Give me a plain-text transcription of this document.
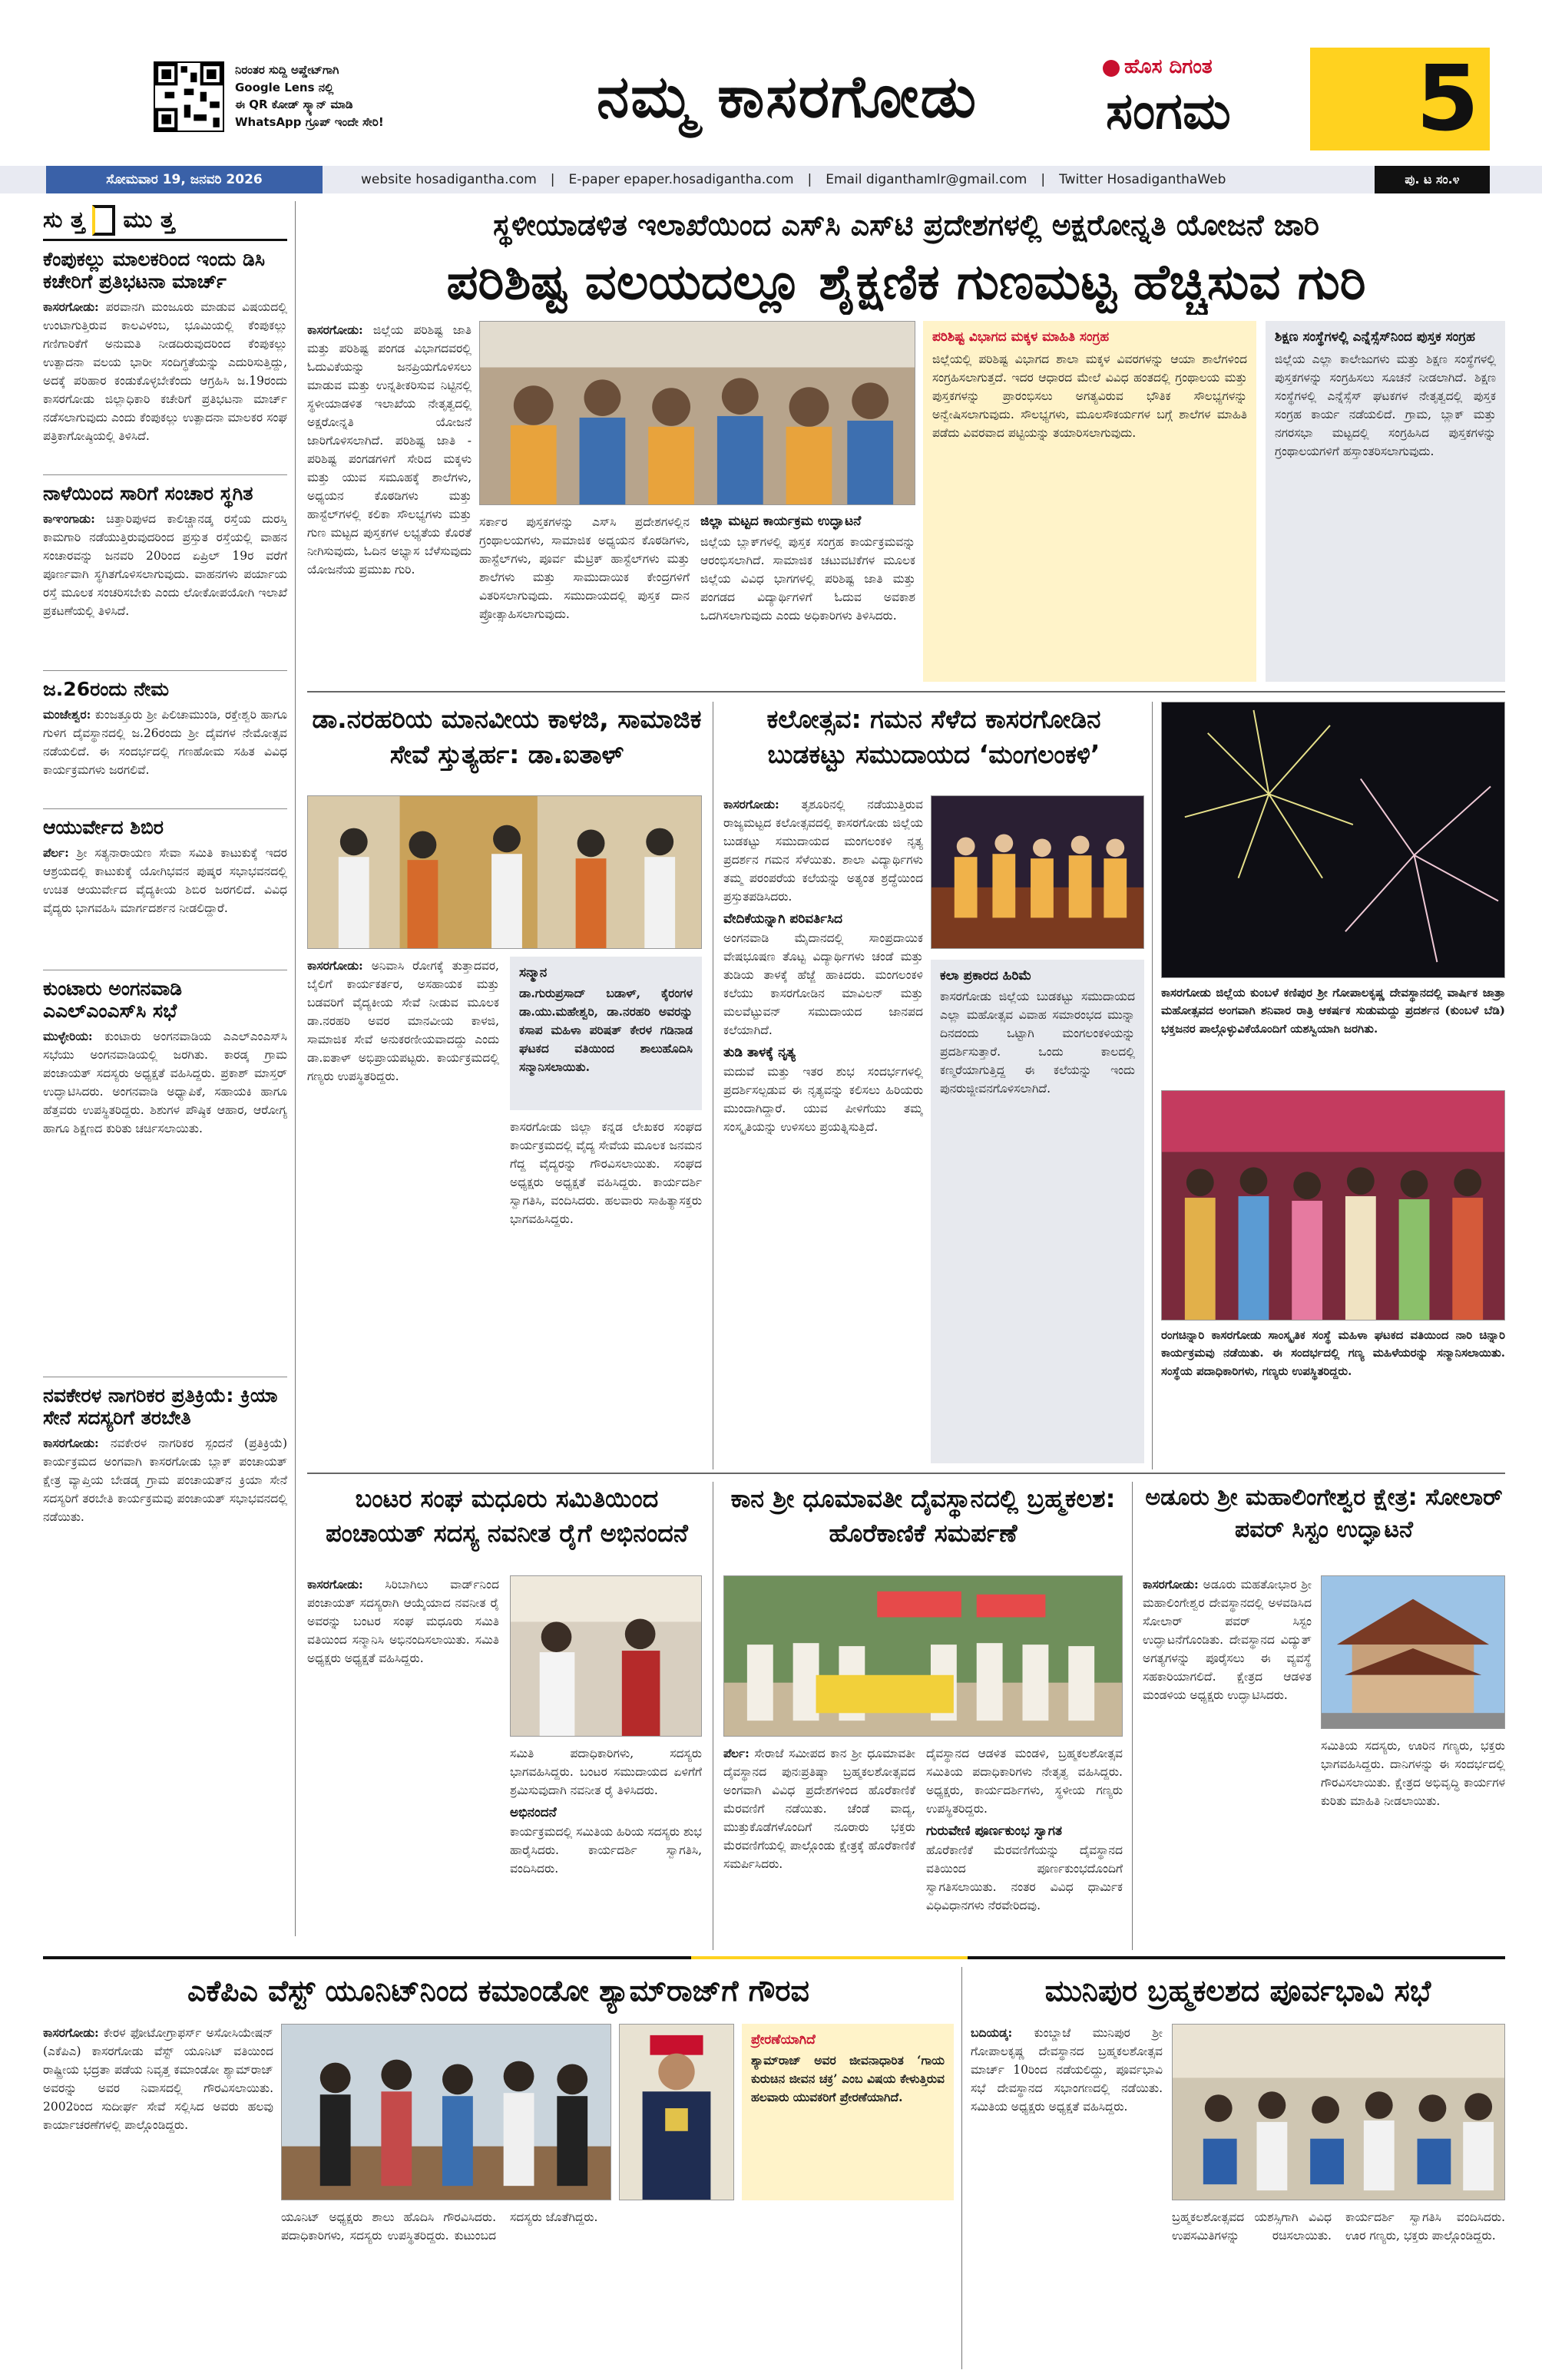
ನಿರಂತರ ಸುದ್ದಿ ಅಪ್ಡೇಟ್‌ಗಾಗಿ
Google Lens ನಲ್ಲಿ
ಈ QR ಕೋಡ್ ಸ್ಕ್ಯಾನ್ ಮಾಡಿ
WhatsApp ಗ್ರೂಪ್ ಇಂದೇ ಸೇರಿ!	ನಮ್ಮ ಕಾಸರಗೋಡು	ಹೊಸ ದಿಗಂತ
ಸಂಗಮ 5
ಸೋಮವಾರ 19, ಜನವರಿ 2026	website hosadigantha.com | E-paper epaper.hosadigantha.com | Email diganthamlr@gmail.com | Twitter HosadiganthaWeb	ಪು. ಟ ಸಂ.೪
ಸು ತ್ತ ಮು ತ್ತ
ಕೆಂಪುಕಲ್ಲು ಮಾಲಕರಿಂದ ಇಂದು ಡಿಸಿ ಕಚೇರಿಗೆ ಪ್ರತಿಭಟನಾ ಮಾರ್ಚ್
ಕಾಸರಗೋಡು: ಪರವಾನಗಿ ಮಂಜೂರು ಮಾಡುವ ವಿಷಯದಲ್ಲಿ ಉಂಟಾಗುತ್ತಿರುವ ಕಾಲವಿಳಂಬ, ಭೂಮಿಯಲ್ಲಿ ಕೆಂಪುಕಲ್ಲು ಗಣಿಗಾರಿಕೆಗೆ ಅನುಮತಿ ನೀಡದಿರುವುದರಿಂದ ಕೆಂಪುಕಲ್ಲು ಉತ್ಪಾದನಾ ವಲಯ ಭಾರೀ ಸಂದಿಗ್ಧತೆಯನ್ನು ಎದುರಿಸುತ್ತಿದ್ದು, ಅದಕ್ಕೆ ಪರಿಹಾರ ಕಂಡುಕೊಳ್ಳಬೇಕೆಂದು ಆಗ್ರಹಿಸಿ ಜ.19ರಂದು ಕಾಸರಗೋಡು ಜಿಲ್ಲಾಧಿಕಾರಿ ಕಚೇರಿಗೆ ಪ್ರತಿಭಟನಾ ಮಾರ್ಚ್ ನಡೆಸಲಾಗುವುದು ಎಂದು ಕೆಂಪುಕಲ್ಲು ಉತ್ಪಾದನಾ ಮಾಲಕರ ಸಂಘ ಪತ್ರಿಕಾಗೋಷ್ಠಿಯಲ್ಲಿ ತಿಳಿಸಿದೆ.
ನಾಳೆಯಿಂದ ಸಾರಿಗೆ ಸಂಚಾರ ಸ್ಥಗಿತ
ಕಾಞಂಗಾಡು: ಚಿತ್ತಾರಿಪುಳದ ಕಾಲಿಚ್ಚಾನಡ್ಕ ರಸ್ತೆಯ ದುರಸ್ತಿ ಕಾಮಗಾರಿ ನಡೆಯುತ್ತಿರುವುದರಿಂದ ಪ್ರಸ್ತುತ ರಸ್ತೆಯಲ್ಲಿ ವಾಹನ ಸಂಚಾರವನ್ನು ಜನವರಿ 20ರಿಂದ ಏಪ್ರಿಲ್ 19ರ ವರೆಗೆ ಪೂರ್ಣವಾಗಿ ಸ್ಥಗಿತಗೊಳಿಸಲಾಗುವುದು. ವಾಹನಗಳು ಪರ್ಯಾಯ ರಸ್ತೆ ಮೂಲಕ ಸಂಚರಿಸಬೇಕು ಎಂದು ಲೋಕೋಪಯೋಗಿ ಇಲಾಖೆ ಪ್ರಕಟಣೆಯಲ್ಲಿ ತಿಳಿಸಿದೆ.
ಜ.26ರಂದು ನೇಮ
ಮಂಜೇಶ್ವರ: ಕುಂಜತ್ತೂರು ಶ್ರೀ ಪಿಲಿಚಾಮುಂಡಿ, ರಕ್ತೇಶ್ವರಿ ಹಾಗೂ ಗುಳಿಗ ದೈವಸ್ಥಾನದಲ್ಲಿ ಜ.26ರಂದು ಶ್ರೀ ದೈವಗಳ ನೇಮೋತ್ಸವ ನಡೆಯಲಿದೆ. ಈ ಸಂದರ್ಭದಲ್ಲಿ ಗಣಹೋಮ ಸಹಿತ ವಿವಿಧ ಕಾರ್ಯಕ್ರಮಗಳು ಜರಗಲಿವೆ.
ಆಯುರ್ವೇದ ಶಿಬಿರ
ಪೆರ್ಲ: ಶ್ರೀ ಸತ್ಯನಾರಾಯಣ ಸೇವಾ ಸಮಿತಿ ಕಾಟುಕುಕ್ಕೆ ಇದರ ಆಶ್ರಯದಲ್ಲಿ ಕಾಟುಕುಕ್ಕೆ ಯೋಗಿಭವನ ಪುಷ್ಕರ ಸಭಾಭವನದಲ್ಲಿ ಉಚಿತ ಆಯುರ್ವೇದ ವೈದ್ಯಕೀಯ ಶಿಬಿರ ಜರಗಲಿದೆ. ವಿವಿಧ ವೈದ್ಯರು ಭಾಗವಹಿಸಿ ಮಾರ್ಗದರ್ಶನ ನೀಡಲಿದ್ದಾರೆ.
ಕುಂಟಾರು ಅಂಗನವಾಡಿ ಎಎಲ್‌ಎಂಎಸ್‌ಸಿ ಸಭೆ
ಮುಳ್ಳೇರಿಯ: ಕುಂಟಾರು ಅಂಗನವಾಡಿಯ ಎಎಲ್‌ಎಂಎಸ್‌ಸಿ ಸಭೆಯು ಅಂಗನವಾಡಿಯಲ್ಲಿ ಜರಗಿತು. ಕಾರಡ್ಕ ಗ್ರಾಮ ಪಂಚಾಯತ್ ಸದಸ್ಯರು ಅಧ್ಯಕ್ಷತೆ ವಹಿಸಿದ್ದರು. ಪ್ರಕಾಶ್ ಮಾಸ್ತರ್ ಉದ್ಘಾಟಿಸಿದರು. ಅಂಗನವಾಡಿ ಅಧ್ಯಾಪಿಕೆ, ಸಹಾಯಕಿ ಹಾಗೂ ಹೆತ್ತವರು ಉಪಸ್ಥಿತರಿದ್ದರು. ಶಿಶುಗಳ ಪೌಷ್ಠಿಕ ಆಹಾರ, ಆರೋಗ್ಯ ಹಾಗೂ ಶಿಕ್ಷಣದ ಕುರಿತು ಚರ್ಚಿಸಲಾಯಿತು.
ನವಕೇರಳ ನಾಗರಿಕರ ಪ್ರತಿಕ್ರಿಯೆ: ಕ್ರಿಯಾ ಸೇನೆ ಸದಸ್ಯರಿಗೆ ತರಬೇತಿ
ಕಾಸರಗೋಡು: ನವಕೇರಳ ನಾಗರಿಕರ ಸ್ಪಂದನೆ (ಪ್ರತಿಕ್ರಿಯೆ) ಕಾರ್ಯಕ್ರಮದ ಅಂಗವಾಗಿ ಕಾಸರಗೋಡು ಬ್ಲಾಕ್ ಪಂಚಾಯತ್ ಕ್ಷೇತ್ರ ವ್ಯಾಪ್ತಿಯ ಬೇಡಡ್ಕ ಗ್ರಾಮ ಪಂಚಾಯತ್‌ನ ಕ್ರಿಯಾ ಸೇನೆ ಸದಸ್ಯರಿಗೆ ತರಬೇತಿ ಕಾರ್ಯಕ್ರಮವು ಪಂಚಾಯತ್ ಸಭಾಭವನದಲ್ಲಿ ನಡೆಯಿತು.
ಸ್ಥಳೀಯಾಡಳಿತ ಇಲಾಖೆಯಿಂದ ಎಸ್‌ಸಿ ಎಸ್‌ಟಿ ಪ್ರದೇಶಗಳಲ್ಲಿ ಅಕ್ಷರೋನ್ನತಿ ಯೋಜನೆ ಜಾರಿ
ಪರಿಶಿಷ್ಟ ವಲಯದಲ್ಲೂ ಶೈಕ್ಷಣಿಕ ಗುಣಮಟ್ಟ ಹೆಚ್ಚಿಸುವ ಗುರಿ
ಕಾಸರಗೋಡು: ಜಿಲ್ಲೆಯ ಪರಿಶಿಷ್ಟ ಜಾತಿ ಮತ್ತು ಪರಿಶಿಷ್ಟ ಪಂಗಡ ವಿಭಾಗದವರಲ್ಲಿ ಓದುವಿಕೆಯನ್ನು ಜನಪ್ರಿಯಗೊಳಿಸಲು ಮಾಡುವ ಮತ್ತು ಉನ್ನತೀಕರಿಸುವ ನಿಟ್ಟಿನಲ್ಲಿ ಸ್ಥಳೀಯಾಡಳಿತ ಇಲಾಖೆಯ ನೇತೃತ್ವದಲ್ಲಿ ಅಕ್ಷರೋನ್ನತಿ ಯೋಜನೆ ಜಾರಿಗೊಳಿಸಲಾಗಿದೆ. ಪರಿಶಿಷ್ಟ ಜಾತಿ - ಪರಿಶಿಷ್ಟ ಪಂಗಡಗಳಿಗೆ ಸೇರಿದ ಮಕ್ಕಳು ಮತ್ತು ಯುವ ಸಮೂಹಕ್ಕೆ ಶಾಲೆಗಳು, ಅಧ್ಯಯನ ಕೊಠಡಿಗಳು ಮತ್ತು ಹಾಸ್ಟೆಲ್‌ಗಳಲ್ಲಿ ಕಲಿಕಾ ಸೌಲಭ್ಯಗಳು ಮತ್ತು ಗುಣ ಮಟ್ಟದ ಪುಸ್ತಕಗಳ ಲಭ್ಯತೆಯ ಕೊರತೆ ನೀಗಿಸುವುದು, ಓದಿನ ಅಭ್ಯಾಸ ಬೆಳೆಸುವುದು ಯೋಜನೆಯ ಪ್ರಮುಖ ಗುರಿ.
ಸರ್ಕಾರ ಪುಸ್ತಕಗಳನ್ನು ಎಸ್‌ಸಿ ಪ್ರದೇಶಗಳಲ್ಲಿನ ಗ್ರಂಥಾಲಯಗಳು, ಸಾಮಾಜಿಕ ಅಧ್ಯಯನ ಕೊಠಡಿಗಳು, ಹಾಸ್ಟೆಲ್‌ಗಳು, ಪೂರ್ವ ಮೆಟ್ರಿಕ್ ಹಾಸ್ಟೆಲ್‌ಗಳು ಮತ್ತು ಶಾಲೆಗಳು ಮತ್ತು ಸಾಮುದಾಯಿಕ ಕೇಂದ್ರಗಳಿಗೆ ವಿತರಿಸಲಾಗುವುದು. ಸಮುದಾಯದಲ್ಲಿ ಪುಸ್ತಕ ದಾನ ಪ್ರೋತ್ಸಾಹಿಸಲಾಗುವುದು.
ಜಿಲ್ಲಾ ಮಟ್ಟದ ಕಾರ್ಯಕ್ರಮ ಉದ್ಘಾಟನೆ
ಜಿಲ್ಲೆಯ ಬ್ಲಾಕ್‌ಗಳಲ್ಲಿ ಪುಸ್ತಕ ಸಂಗ್ರಹ ಕಾರ್ಯಕ್ರಮವನ್ನು ಆರಂಭಿಸಲಾಗಿದೆ. ಸಾಮಾಜಿಕ ಚಟುವಟಿಕೆಗಳ ಮೂಲಕ ಜಿಲ್ಲೆಯ ವಿವಿಧ ಭಾಗಗಳಲ್ಲಿ ಪರಿಶಿಷ್ಟ ಜಾತಿ ಮತ್ತು ಪಂಗಡದ ವಿದ್ಯಾರ್ಥಿಗಳಿಗೆ ಓದುವ ಅವಕಾಶ ಒದಗಿಸಲಾಗುವುದು ಎಂದು ಅಧಿಕಾರಿಗಳು ತಿಳಿಸಿದರು.
ಪರಿಶಿಷ್ಟ ವಿಭಾಗದ ಮಕ್ಕಳ ಮಾಹಿತಿ ಸಂಗ್ರಹ
ಜಿಲ್ಲೆಯಲ್ಲಿ ಪರಿಶಿಷ್ಟ ವಿಭಾಗದ ಶಾಲಾ ಮಕ್ಕಳ ವಿವರಗಳನ್ನು ಆಯಾ ಶಾಲೆಗಳಿಂದ ಸಂಗ್ರಹಿಸಲಾಗುತ್ತದೆ. ಇದರ ಆಧಾರದ ಮೇಲೆ ವಿವಿಧ ಹಂತದಲ್ಲಿ ಗ್ರಂಥಾಲಯ ಮತ್ತು ಪುಸ್ತಕಗಳನ್ನು ಪ್ರಾರಂಭಿಸಲು ಅಗತ್ಯವಿರುವ ಭೌತಿಕ ಸೌಲಭ್ಯಗಳನ್ನು ಅನ್ವೇಷಿಸಲಾಗುವುದು. ಸೌಲಭ್ಯಗಳು, ಮೂಲಸೌಕರ್ಯಗಳ ಬಗ್ಗೆ ಶಾಲೆಗಳ ಮಾಹಿತಿ ಪಡೆದು ವಿವರವಾದ ಪಟ್ಟಿಯನ್ನು ತಯಾರಿಸಲಾಗುವುದು.
ಶಿಕ್ಷಣ ಸಂಸ್ಥೆಗಳಲ್ಲಿ ಎನ್ನೆಸ್ಸೆಸ್‌ನಿಂದ ಪುಸ್ತಕ ಸಂಗ್ರಹ
ಜಿಲ್ಲೆಯ ಎಲ್ಲಾ ಕಾಲೇಜುಗಳು ಮತ್ತು ಶಿಕ್ಷಣ ಸಂಸ್ಥೆಗಳಲ್ಲಿ ಪುಸ್ತಕಗಳನ್ನು ಸಂಗ್ರಹಿಸಲು ಸೂಚನೆ ನೀಡಲಾಗಿದೆ. ಶಿಕ್ಷಣ ಸಂಸ್ಥೆಗಳಲ್ಲಿ ಎನ್ನೆಸ್ಸೆಸ್ ಘಟಕಗಳ ನೇತೃತ್ವದಲ್ಲಿ ಪುಸ್ತಕ ಸಂಗ್ರಹ ಕಾರ್ಯ ನಡೆಯಲಿದೆ. ಗ್ರಾಮ, ಬ್ಲಾಕ್ ಮತ್ತು ನಗರಸಭಾ ಮಟ್ಟದಲ್ಲಿ ಸಂಗ್ರಹಿಸಿದ ಪುಸ್ತಕಗಳನ್ನು ಗ್ರಂಥಾಲಯಗಳಿಗೆ ಹಸ್ತಾಂತರಿಸಲಾಗುವುದು.
ಡಾ.ನರಹರಿಯ ಮಾನವೀಯ ಕಾಳಜಿ, ಸಾಮಾಜಿಕ ಸೇವೆ ಸ್ತುತ್ಯರ್ಹ: ಡಾ.ಐತಾಳ್
ಕಾಸರಗೋಡು: ಅನಿವಾಸಿ ರೋಗಕ್ಕೆ ತುತ್ತಾದವರ, ಬೈಲಿಗೆ ಕಾರ್ಯಕರ್ತರ, ಅಸಹಾಯಕ ಮತ್ತು ಬಡವರಿಗೆ ವೈದ್ಯಕೀಯ ಸೇವೆ ನೀಡುವ ಮೂಲಕ ಡಾ.ನರಹರಿ ಅವರ ಮಾನವೀಯ ಕಾಳಜಿ, ಸಾಮಾಜಿಕ ಸೇವೆ ಅನುಕರಣೀಯವಾದದ್ದು ಎಂದು ಡಾ.ಐತಾಳ್ ಅಭಿಪ್ರಾಯಪಟ್ಟರು. ಕಾರ್ಯಕ್ರಮದಲ್ಲಿ ಗಣ್ಯರು ಉಪಸ್ಥಿತರಿದ್ದರು.
ಸನ್ಮಾನ
ಡಾ.ಗುರುಪ್ರಸಾದ್ ಬಡಾಳ್, ಕೈರಂಗಳ ಡಾ.ಯು.ಮಹೇಶ್ವರಿ, ಡಾ.ನರಹರಿ ಅವರನ್ನು ಕಸಾಪ ಮಹಿಳಾ ಪರಿಷತ್ ಕೇರಳ ಗಡಿನಾಡ ಘಟಕದ ವತಿಯಿಂದ ಶಾಲುಹೊದಿಸಿ ಸನ್ಮಾನಿಸಲಾಯಿತು.
ಕಾಸರಗೋಡು ಜಿಲ್ಲಾ ಕನ್ನಡ ಲೇಖಕರ ಸಂಘದ ಕಾರ್ಯಕ್ರಮದಲ್ಲಿ ವೈದ್ಯ ಸೇವೆಯ ಮೂಲಕ ಜನಮನ ಗೆದ್ದ ವೈದ್ಯರನ್ನು ಗೌರವಿಸಲಾಯಿತು. ಸಂಘದ ಅಧ್ಯಕ್ಷರು ಅಧ್ಯಕ್ಷತೆ ವಹಿಸಿದ್ದರು. ಕಾರ್ಯದರ್ಶಿ ಸ್ವಾಗತಿಸಿ, ವಂದಿಸಿದರು. ಹಲವಾರು ಸಾಹಿತ್ಯಾಸಕ್ತರು ಭಾಗವಹಿಸಿದ್ದರು.
ಕಲೋತ್ಸವ: ಗಮನ ಸೆಳೆದ ಕಾಸರಗೋಡಿನ ಬುಡಕಟ್ಟು ಸಮುದಾಯದ ‘ಮಂಗಲಂಕಳಿ’
ಕಾಸರಗೋಡು: ತೃಶೂರಿನಲ್ಲಿ ನಡೆಯುತ್ತಿರುವ ರಾಜ್ಯಮಟ್ಟದ ಕಲೋತ್ಸವದಲ್ಲಿ ಕಾಸರಗೋಡು ಜಿಲ್ಲೆಯ ಬುಡಕಟ್ಟು ಸಮುದಾಯದ ಮಂಗಲಂಕಳಿ ನೃತ್ಯ ಪ್ರದರ್ಶನ ಗಮನ ಸೆಳೆಯಿತು. ಶಾಲಾ ವಿದ್ಯಾರ್ಥಿಗಳು ತಮ್ಮ ಪರಂಪರೆಯ ಕಲೆಯನ್ನು ಅತ್ಯಂತ ಶ್ರದ್ಧೆಯಿಂದ ಪ್ರಸ್ತುತಪಡಿಸಿದರು.
ವೇದಿಕೆಯನ್ನಾಗಿ ಪರಿವರ್ತಿಸಿದ
ಅಂಗನವಾಡಿ ಮೈದಾನದಲ್ಲಿ ಸಾಂಪ್ರದಾಯಿಕ ವೇಷಭೂಷಣ ತೊಟ್ಟ ವಿದ್ಯಾರ್ಥಿಗಳು ಚಂಡೆ ಮತ್ತು ತುಡಿಯ ತಾಳಕ್ಕೆ ಹೆಜ್ಜೆ ಹಾಕಿದರು. ಮಂಗಲಂಕಳಿ ಕಲೆಯು ಕಾಸರಗೋಡಿನ ಮಾವಿಲನ್ ಮತ್ತು ಮಲವೆಟ್ಟುವನ್ ಸಮುದಾಯದ ಜಾನಪದ ಕಲೆಯಾಗಿದೆ.
ತುಡಿ ತಾಳಕ್ಕೆ ನೃತ್ಯ
ಮದುವೆ ಮತ್ತು ಇತರ ಶುಭ ಸಂದರ್ಭಗಳಲ್ಲಿ ಪ್ರದರ್ಶಿಸಲ್ಪಡುವ ಈ ನೃತ್ಯವನ್ನು ಕಲಿಸಲು ಹಿರಿಯರು ಮುಂದಾಗಿದ್ದಾರೆ. ಯುವ ಪೀಳಿಗೆಯು ತಮ್ಮ ಸಂಸ್ಕೃತಿಯನ್ನು ಉಳಿಸಲು ಪ್ರಯತ್ನಿಸುತ್ತಿದೆ.
ಕಲಾ ಪ್ರಕಾರದ ಹಿರಿಮೆ
ಕಾಸರಗೋಡು ಜಿಲ್ಲೆಯ ಬುಡಕಟ್ಟು ಸಮುದಾಯದ ಎಲ್ಲಾ ಮಹೋತ್ಸವ ವಿವಾಹ ಸಮಾರಂಭದ ಮುನ್ನಾ ದಿನದಂದು ಒಟ್ಟಾಗಿ ಮಂಗಲಂಕಳಿಯನ್ನು ಪ್ರದರ್ಶಿಸುತ್ತಾರೆ. ಒಂದು ಕಾಲದಲ್ಲಿ ಕಣ್ಮರೆಯಾಗುತ್ತಿದ್ದ ಈ ಕಲೆಯನ್ನು ಇಂದು ಪುನರುಜ್ಜೀವನಗೊಳಿಸಲಾಗಿದೆ.
ಕಾಸರಗೋಡು ಜಿಲ್ಲೆಯ ಕುಂಬಳೆ ಕಣಿಪುರ ಶ್ರೀ ಗೋಪಾಲಕೃಷ್ಣ ದೇವಸ್ಥಾನದಲ್ಲಿ ವಾರ್ಷಿಕ ಜಾತ್ರಾ ಮಹೋತ್ಸವದ ಅಂಗವಾಗಿ ಶನಿವಾರ ರಾತ್ರಿ ಆಕರ್ಷಕ ಸುಡುಮದ್ದು ಪ್ರದರ್ಶನ (ಕುಂಬಳೆ ಬೆಡಿ) ಭಕ್ತಜನರ ಪಾಲ್ಗೊಳ್ಳುವಿಕೆಯೊಂದಿಗೆ ಯಶಸ್ವಿಯಾಗಿ ಜರಗಿತು.
ರಂಗಚಿನ್ನಾರಿ ಕಾಸರಗೋಡು ಸಾಂಸ್ಕೃತಿಕ ಸಂಸ್ಥೆ ಮಹಿಳಾ ಘಟಕದ ವತಿಯಿಂದ ನಾರಿ ಚಿನ್ನಾರಿ ಕಾರ್ಯಕ್ರಮವು ನಡೆಯಿತು. ಈ ಸಂದರ್ಭದಲ್ಲಿ ಗಣ್ಯ ಮಹಿಳೆಯರನ್ನು ಸನ್ಮಾನಿಸಲಾಯಿತು. ಸಂಸ್ಥೆಯ ಪದಾಧಿಕಾರಿಗಳು, ಗಣ್ಯರು ಉಪಸ್ಥಿತರಿದ್ದರು.
ಬಂಟರ ಸಂಘ ಮಧೂರು ಸಮಿತಿಯಿಂದ ಪಂಚಾಯತ್ ಸದಸ್ಯ ನವನೀತ ರೈಗೆ ಅಭಿನಂದನೆ
ಕಾಸರಗೋಡು: ಸಿರಿಬಾಗಿಲು ವಾರ್ಡ್‌ನಿಂದ ಪಂಚಾಯತ್ ಸದಸ್ಯರಾಗಿ ಆಯ್ಕೆಯಾದ ನವನೀತ ರೈ ಅವರನ್ನು ಬಂಟರ ಸಂಘ ಮಧೂರು ಸಮಿತಿ ವತಿಯಿಂದ ಸನ್ಮಾನಿಸಿ ಅಭಿನಂದಿಸಲಾಯಿತು. ಸಮಿತಿ ಅಧ್ಯಕ್ಷರು ಅಧ್ಯಕ್ಷತೆ ವಹಿಸಿದ್ದರು.
ಸಮಿತಿ ಪದಾಧಿಕಾರಿಗಳು, ಸದಸ್ಯರು ಭಾಗವಹಿಸಿದ್ದರು. ಬಂಟರ ಸಮುದಾಯದ ಏಳಿಗೆಗೆ ಶ್ರಮಿಸುವುದಾಗಿ ನವನೀತ ರೈ ತಿಳಿಸಿದರು.
ಅಭಿನಂದನೆ
ಕಾರ್ಯಕ್ರಮದಲ್ಲಿ ಸಮಿತಿಯ ಹಿರಿಯ ಸದಸ್ಯರು ಶುಭ ಹಾರೈಸಿದರು. ಕಾರ್ಯದರ್ಶಿ ಸ್ವಾಗತಿಸಿ, ವಂದಿಸಿದರು.
ಕಾನ ಶ್ರೀ ಧೂಮಾವತೀ ದೈವಸ್ಥಾನದಲ್ಲಿ ಬ್ರಹ್ಮಕಲಶ: ಹೊರೆಕಾಣಿಕೆ ಸಮರ್ಪಣೆ
ಪೆರ್ಲ: ಸೇರಾಜೆ ಸಮೀಪದ ಕಾನ ಶ್ರೀ ಧೂಮಾವತೀ ದೈವಸ್ಥಾನದ ಪುನಃಪ್ರತಿಷ್ಠಾ ಬ್ರಹ್ಮಕಲಶೋತ್ಸವದ ಅಂಗವಾಗಿ ವಿವಿಧ ಪ್ರದೇಶಗಳಿಂದ ಹೊರೆಕಾಣಿಕೆ ಮೆರವಣಿಗೆ ನಡೆಯಿತು. ಚೆಂಡೆ ವಾದ್ಯ, ಮುತ್ತುಕೊಡೆಗಳೊಂದಿಗೆ ನೂರಾರು ಭಕ್ತರು ಮೆರವಣಿಗೆಯಲ್ಲಿ ಪಾಲ್ಗೊಂಡು ಕ್ಷೇತ್ರಕ್ಕೆ ಹೊರೆಕಾಣಿಕೆ ಸಮರ್ಪಿಸಿದರು.
ದೈವಸ್ಥಾನದ ಆಡಳಿತ ಮಂಡಳಿ, ಬ್ರಹ್ಮಕಲಶೋತ್ಸವ ಸಮಿತಿಯ ಪದಾಧಿಕಾರಿಗಳು ನೇತೃತ್ವ ವಹಿಸಿದ್ದರು. ಅಧ್ಯಕ್ಷರು, ಕಾರ್ಯದರ್ಶಿಗಳು, ಸ್ಥಳೀಯ ಗಣ್ಯರು ಉಪಸ್ಥಿತರಿದ್ದರು.
ಗುರುವೇಣಿ ಪೂರ್ಣಕುಂಭ ಸ್ವಾಗತ
ಹೊರೆಕಾಣಿಕೆ ಮೆರವಣಿಗೆಯನ್ನು ದೈವಸ್ಥಾನದ ವತಿಯಿಂದ ಪೂರ್ಣಕುಂಭದೊಂದಿಗೆ ಸ್ವಾಗತಿಸಲಾಯಿತು. ನಂತರ ವಿವಿಧ ಧಾರ್ಮಿಕ ವಿಧಿವಿಧಾನಗಳು ನೆರವೇರಿದವು.
ಅಡೂರು ಶ್ರೀ ಮಹಾಲಿಂಗೇಶ್ವರ ಕ್ಷೇತ್ರ: ಸೋಲಾರ್ ಪವರ್ ಸಿಸ್ಟಂ ಉದ್ಘಾಟನೆ
ಕಾಸರಗೋಡು: ಅಡೂರು ಮಹತೋಭಾರ ಶ್ರೀ ಮಹಾಲಿಂಗೇಶ್ವರ ದೇವಸ್ಥಾನದಲ್ಲಿ ಅಳವಡಿಸಿದ ಸೋಲಾರ್ ಪವರ್ ಸಿಸ್ಟಂ ಉದ್ಘಾಟನೆಗೊಂಡಿತು. ದೇವಸ್ಥಾನದ ವಿದ್ಯುತ್ ಅಗತ್ಯಗಳನ್ನು ಪೂರೈಸಲು ಈ ವ್ಯವಸ್ಥೆ ಸಹಕಾರಿಯಾಗಲಿದೆ. ಕ್ಷೇತ್ರದ ಆಡಳಿತ ಮಂಡಳಿಯ ಅಧ್ಯಕ್ಷರು ಉದ್ಘಾಟಿಸಿದರು.
ಸಮಿತಿಯ ಸದಸ್ಯರು, ಊರಿನ ಗಣ್ಯರು, ಭಕ್ತರು ಭಾಗವಹಿಸಿದ್ದರು. ದಾನಿಗಳನ್ನು ಈ ಸಂದರ್ಭದಲ್ಲಿ ಗೌರವಿಸಲಾಯಿತು. ಕ್ಷೇತ್ರದ ಅಭಿವೃದ್ಧಿ ಕಾರ್ಯಗಳ ಕುರಿತು ಮಾಹಿತಿ ನೀಡಲಾಯಿತು.
ಎಕೆಪಿಎ ವೆಸ್ಟ್ ಯೂನಿಟ್‌ನಿಂದ ಕಮಾಂಡೋ ಶ್ಯಾಮ್‌ರಾಜ್‌ಗೆ ಗೌರವ
ಕಾಸರಗೋಡು: ಕೇರಳ ಫೋಟೋಗ್ರಾಫರ್ಸ್ ಅಸೋಸಿಯೇಷನ್ (ಎಕೆಪಿಎ) ಕಾಸರಗೋಡು ವೆಸ್ಟ್ ಯೂನಿಟ್ ವತಿಯಿಂದ ರಾಷ್ಟ್ರೀಯ ಭದ್ರತಾ ಪಡೆಯ ನಿವೃತ್ತ ಕಮಾಂಡೋ ಶ್ಯಾಮ್‌ರಾಜ್ ಅವರನ್ನು ಅವರ ನಿವಾಸದಲ್ಲಿ ಗೌರವಿಸಲಾಯಿತು. 2002ರಿಂದ ಸುದೀರ್ಘ ಸೇವೆ ಸಲ್ಲಿಸಿದ ಅವರು ಹಲವು ಕಾರ್ಯಾಚರಣೆಗಳಲ್ಲಿ ಪಾಲ್ಗೊಂಡಿದ್ದರು.
ಪ್ರೇರಣೆಯಾಗಿದೆ
ಶ್ಯಾಮ್‌ರಾಜ್ ಅವರ ಜೀವನಾಧಾರಿತ ‘ಗಾಯ ಕುರುಚಿನ ಜೀವನ ಚಕ್ರ’ ಎಂಬ ವಿಷಯ ಕೇಳುತ್ತಿರುವ ಹಲವಾರು ಯುವಕರಿಗೆ ಪ್ರೇರಣೆಯಾಗಿದೆ.
ಯೂನಿಟ್ ಅಧ್ಯಕ್ಷರು ಶಾಲು ಹೊದಿಸಿ ಗೌರವಿಸಿದರು. ಪದಾಧಿಕಾರಿಗಳು, ಸದಸ್ಯರು ಉಪಸ್ಥಿತರಿದ್ದರು. ಕುಟುಂಬದ ಸದಸ್ಯರು ಜೊತೆಗಿದ್ದರು.
ಮುನಿಪುರ ಬ್ರಹ್ಮಕಲಶದ ಪೂರ್ವಭಾವಿ ಸಭೆ
ಬದಿಯಡ್ಕ: ಕುಂಬ್ಡಾಜೆ ಮುನಿಪುರ ಶ್ರೀ ಗೋಪಾಲಕೃಷ್ಣ ದೇವಸ್ಥಾನದ ಬ್ರಹ್ಮಕಲಶೋತ್ಸವ ಮಾರ್ಚ್ 10ರಿಂದ ನಡೆಯಲಿದ್ದು, ಪೂರ್ವಭಾವಿ ಸಭೆ ದೇವಸ್ಥಾನದ ಸಭಾಂಗಣದಲ್ಲಿ ನಡೆಯಿತು. ಸಮಿತಿಯ ಅಧ್ಯಕ್ಷರು ಅಧ್ಯಕ್ಷತೆ ವಹಿಸಿದ್ದರು.
ಬ್ರಹ್ಮಕಲಶೋತ್ಸವದ ಯಶಸ್ಸಿಗಾಗಿ ವಿವಿಧ ಉಪಸಮಿತಿಗಳನ್ನು ರಚಿಸಲಾಯಿತು. ಕಾರ್ಯದರ್ಶಿ ಸ್ವಾಗತಿಸಿ ವಂದಿಸಿದರು. ಊರ ಗಣ್ಯರು, ಭಕ್ತರು ಪಾಲ್ಗೊಂಡಿದ್ದರು.
